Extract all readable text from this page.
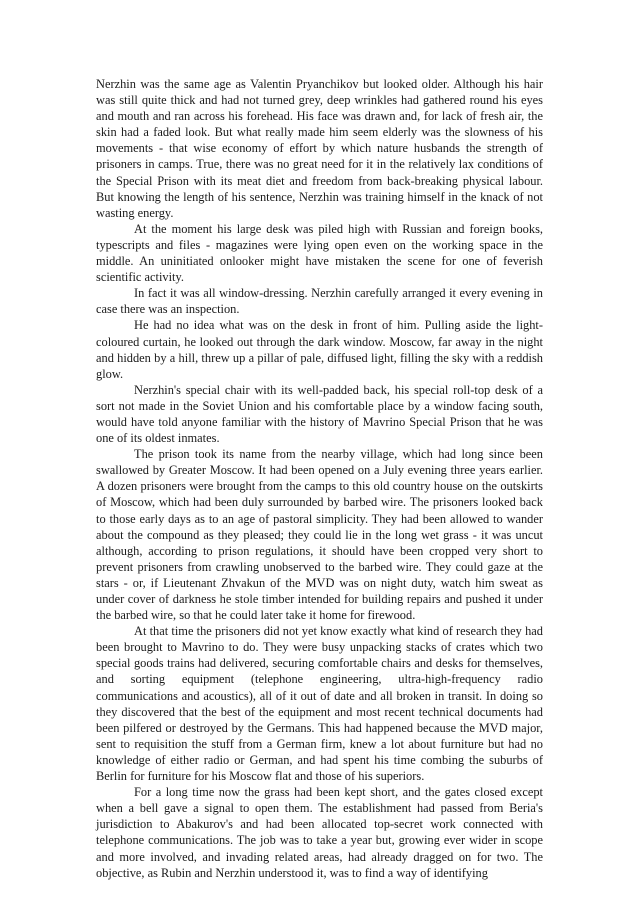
Nerzhin was the same age as Valentin Pryanchikov but looked older. Although his hair was still quite thick and had not turned grey, deep wrinkles had gathered round his eyes and mouth and ran across his forehead. His face was drawn and, for lack of fresh air, the skin had a faded look. But what really made him seem elderly was the slowness of his movements - that wise economy of effort by which nature husbands the strength of prisoners in camps. True, there was no great need for it in the relatively lax conditions of the Special Prison with its meat diet and freedom from back-breaking physical labour. But knowing the length of his sentence, Nerzhin was training himself in the knack of not wasting energy.

At the moment his large desk was piled high with Russian and foreign books, typescripts and files - magazines were lying open even on the working space in the middle. An uninitiated onlooker might have mistaken the scene for one of feverish scientific activity.

In fact it was all window-dressing. Nerzhin carefully arranged it every evening in case there was an inspection.

He had no idea what was on the desk in front of him. Pulling aside the light-coloured curtain, he looked out through the dark window. Moscow, far away in the night and hidden by a hill, threw up a pillar of pale, diffused light, filling the sky with a reddish glow.

Nerzhin's special chair with its well-padded back, his special roll-top desk of a sort not made in the Soviet Union and his comfortable place by a window facing south, would have told anyone familiar with the history of Mavrino Special Prison that he was one of its oldest inmates.

The prison took its name from the nearby village, which had long since been swallowed by Greater Moscow. It had been opened on a July evening three years earlier. A dozen prisoners were brought from the camps to this old country house on the outskirts of Moscow, which had been duly surrounded by barbed wire. The prisoners looked back to those early days as to an age of pastoral simplicity. They had been allowed to wander about the compound as they pleased; they could lie in the long wet grass - it was uncut although, according to prison regulations, it should have been cropped very short to prevent prisoners from crawling unobserved to the barbed wire. They could gaze at the stars - or, if Lieutenant Zhvakun of the MVD was on night duty, watch him sweat as under cover of darkness he stole timber intended for building repairs and pushed it under the barbed wire, so that he could later take it home for firewood.

At that time the prisoners did not yet know exactly what kind of research they had been brought to Mavrino to do. They were busy unpacking stacks of crates which two special goods trains had delivered, securing comfortable chairs and desks for themselves, and sorting equipment (telephone engineering, ultra-high-frequency radio communications and acoustics), all of it out of date and all broken in transit. In doing so they discovered that the best of the equipment and most recent technical documents had been pilfered or destroyed by the Germans. This had happened because the MVD major, sent to requisition the stuff from a German firm, knew a lot about furniture but had no knowledge of either radio or German, and had spent his time combing the suburbs of Berlin for furniture for his Moscow flat and those of his superiors.

For a long time now the grass had been kept short, and the gates closed except when a bell gave a signal to open them. The establishment had passed from Beria's jurisdiction to Abakurov's and had been allocated top-secret work connected with telephone communications. The job was to take a year but, growing ever wider in scope and more involved, and invading related areas, had already dragged on for two. The objective, as Rubin and Nerzhin understood it, was to find a way of identifying
